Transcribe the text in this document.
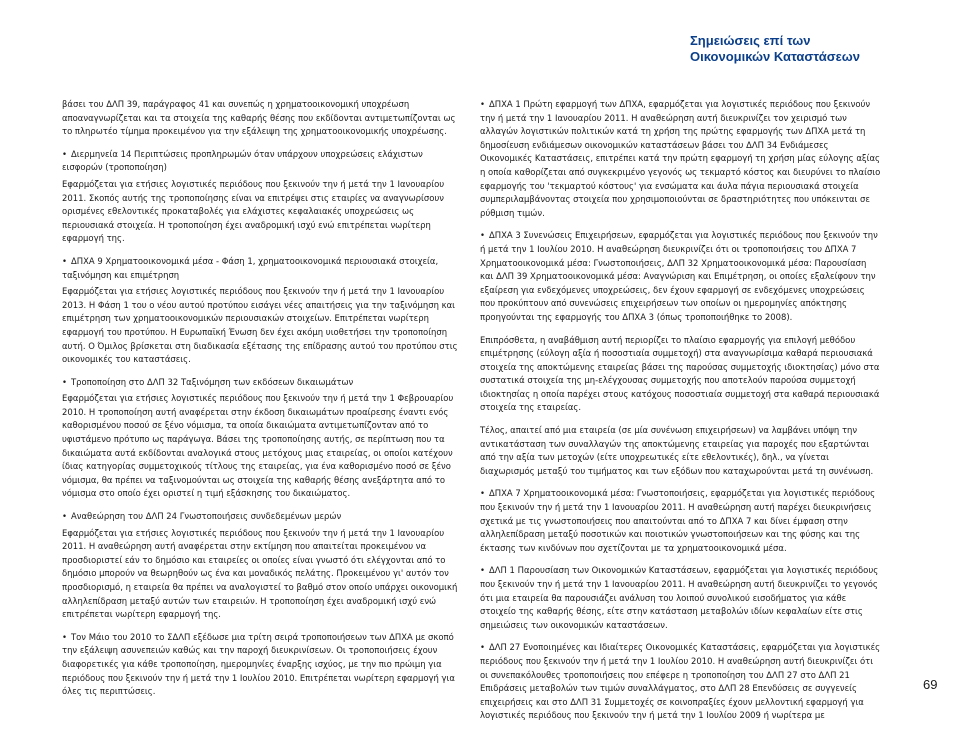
Σημειώσεις επί των
Οικονομικών Καταστάσεων

βάσει του ΔΛΠ 39, παράγραφος 41 και συνεπώς η χρηματοοικονομική υποχρέωση αποαναγνωρίζεται και τα στοιχεία της καθαρής θέσης που εκδίδονται αντιμετωπίζονται ως το πληρωτέο τίμημα προκειμένου για την εξάλειψη της χρηματοοικονομικής υποχρέωσης.

• Διερμηνεία 14 Περιπτώσεις προπληρωμών όταν υπάρχουν υποχρεώσεις ελάχιστων εισφορών (τροποποίηση)

Εφαρμόζεται για ετήσιες λογιστικές περιόδους που ξεκινούν την ή μετά την 1 Ιανουαρίου 2011. Σκοπός αυτής της τροποποίησης είναι να επιτρέψει στις εταιρίες να αναγνωρίσουν ορισμένες εθελοντικές προκαταβολές για ελάχιστες κεφαλαιακές υποχρεώσεις ως περιουσιακά στοιχεία. Η τροποποίηση έχει αναδρομική ισχύ ενώ επιτρέπεται νωρίτερη εφαρμογή της.

• ΔΠΧΑ 9 Χρηματοοικονομικά μέσα - Φάση 1, χρηματοοικονομικά περιουσιακά στοιχεία, ταξινόμηση και επιμέτρηση

Εφαρμόζεται για ετήσιες λογιστικές περιόδους που ξεκινούν την ή μετά την 1 Ιανουαρίου 2013. Η Φάση 1 του ο νέου αυτού προτύπου εισάγει νέες απαιτήσεις για την ταξινόμηση και επιμέτρηση των χρηματοοικονομικών περιουσιακών στοιχείων. Επιτρέπεται νωρίτερη εφαρμογή του προτύπου. Η Ευρωπαϊκή Ένωση δεν έχει ακόμη υιοθετήσει την τροποποίηση αυτή. Ο Όμιλος βρίσκεται στη διαδικασία εξέτασης της επίδρασης αυτού του προτύπου στις οικονομικές του καταστάσεις.

• Τροποποίηση στο ΔΛΠ 32 Ταξινόμηση των εκδόσεων δικαιωμάτων

Εφαρμόζεται για ετήσιες λογιστικές περιόδους που ξεκινούν την ή μετά την 1 Φεβρουαρίου 2010. Η τροποποίηση αυτή αναφέρεται στην έκδοση δικαιωμάτων προαίρεσης έναντι ενός καθορισμένου ποσού σε ξένο νόμισμα, τα οποία δικαιώματα αντιμετωπίζονταν από το υφιστάμενο πρότυπο ως παράγωγα. Βάσει της τροποποίησης αυτής, σε περίπτωση που τα δικαιώματα αυτά εκδίδονται αναλογικά στους μετόχους μιας εταιρείας, οι οποίοι κατέχουν ίδιας κατηγορίας συμμετοχικούς τίτλους της εταιρείας, για ένα καθορισμένο ποσό σε ξένο νόμισμα, θα πρέπει να ταξινομούνται ως στοιχεία της καθαρής θέσης ανεξάρτητα από το νόμισμα στο οποίο έχει οριστεί η τιμή εξάσκησης του δικαιώματος.

• Αναθεώρηση του ΔΛΠ 24 Γνωστοποιήσεις συνδεδεμένων μερών

Εφαρμόζεται για ετήσιες λογιστικές περιόδους που ξεκινούν την ή μετά την 1 Ιανουαρίου 2011. Η αναθεώρηση αυτή αναφέρεται στην εκτίμηση που απαιτείται προκειμένου να προσδιοριστεί εάν το δημόσιο και εταιρείες οι οποίες είναι γνωστό ότι ελέγχονται από το δημόσιο μπορούν να θεωρηθούν ως ένα και μοναδικός πελάτης. Προκειμένου γι' αυτόν τον προσδιορισμό, η εταιρεία θα πρέπει να αναλογιστεί το βαθμό στον οποίο υπάρχει οικονομική αλληλεπίδραση μεταξύ αυτών των εταιρειών. Η τροποποίηση έχει αναδρομική ισχύ ενώ επιτρέπεται νωρίτερη εφαρμογή της.

• Τον Μάιο του 2010 το ΣΔΛΠ εξέδωσε μια τρίτη σειρά τροποποιήσεων των ΔΠΧΑ με σκοπό την εξάλειψη ασυνεπειών καθώς και την παροχή διευκρινίσεων. Οι τροποποιήσεις έχουν διαφορετικές για κάθε τροποποίηση, ημερομηνίες έναρξης ισχύος, με την πιο πρώιμη για περιόδους που ξεκινούν την ή μετά την 1 Ιουλίου 2010. Επιτρέπεται νωρίτερη εφαρμογή για όλες τις περιπτώσεις.

• ΔΠΧΑ 1 Πρώτη εφαρμογή των ΔΠΧΑ, εφαρμόζεται για λογιστικές περιόδους που ξεκινούν την ή μετά την 1 Ιανουαρίου 2011. Η αναθεώρηση αυτή διευκρινίζει τον χειρισμό των αλλαγών λογιστικών πολιτικών κατά τη χρήση της πρώτης εφαρμογής των ΔΠΧΑ μετά τη δημοσίευση ενδιάμεσων οικονομικών καταστάσεων βάσει του ΔΛΠ 34 Ενδιάμεσες Οικονομικές Καταστάσεις, επιτρέπει κατά την πρώτη εφαρμογή τη χρήση μίας εύλογης αξίας η οποία καθορίζεται από συγκεκριμένο γεγονός ως τεκμαρτό κόστος και διευρύνει το πλαίσιο εφαρμογής του 'τεκμαρτού κόστους' για ενσώματα και άυλα πάγια περιουσιακά στοιχεία συμπεριλαμβάνοντας στοιχεία που χρησιμοποιούνται σε δραστηριότητες που υπόκεινται σε ρύθμιση τιμών.

• ΔΠΧΑ 3 Συνενώσεις Επιχειρήσεων, εφαρμόζεται για λογιστικές περιόδους που ξεκινούν την ή μετά την 1 Ιουλίου 2010. Η αναθεώρηση διευκρινίζει ότι οι τροποποιήσεις του ΔΠΧΑ 7 Χρηματοοικονομικά μέσα: Γνωστοποιήσεις, ΔΛΠ 32 Χρηματοοικονομικά μέσα: Παρουσίαση και ΔΛΠ 39 Χρηματοοικονομικά μέσα: Αναγνώριση και Επιμέτρηση, οι οποίες εξαλείφουν την εξαίρεση για ενδεχόμενες υποχρεώσεις, δεν έχουν εφαρμογή σε ενδεχόμενες υποχρεώσεις που προκύπτουν από συνενώσεις επιχειρήσεων των οποίων οι ημερομηνίες απόκτησης προηγούνται της εφαρμογής του ΔΠΧΑ 3 (όπως τροποποιήθηκε το 2008).

Επιπρόσθετα, η αναβάθμιση αυτή περιορίζει το πλαίσιο εφαρμογής για επιλογή μεθόδου επιμέτρησης (εύλογη αξία ή ποσοστιαία συμμετοχή) στα αναγνωρίσιμα καθαρά περιουσιακά στοιχεία της αποκτώμενης εταιρείας βάσει της παρούσας συμμετοχής ιδιοκτησίας) μόνο στα συστατικά στοιχεία της μη-ελέγχουσας συμμετοχής που αποτελούν παρούσα συμμετοχή ιδιοκτησίας η οποία παρέχει στους κατόχους ποσοστιαία συμμετοχή στα καθαρά περιουσιακά στοιχεία της εταιρείας.

Τέλος, απαιτεί από μια εταιρεία (σε μία συνένωση επιχειρήσεων) να λαμβάνει υπόψη την αντικατάσταση των συναλλαγών της αποκτώμενης εταιρείας για παροχές που εξαρτώνται από την αξία των μετοχών (είτε υποχρεωτικές είτε εθελοντικές), δηλ., να γίνεται διαχωρισμός μεταξύ του τιμήματος και των εξόδων που καταχωρούνται μετά τη συνένωση.

• ΔΠΧΑ 7 Χρηματοοικονομικά μέσα: Γνωστοποιήσεις, εφαρμόζεται για λογιστικές περιόδους που ξεκινούν την ή μετά την 1 Ιανουαρίου 2011. Η αναθεώρηση αυτή παρέχει διευκρινήσεις σχετικά με τις γνωστοποιήσεις που απαιτούνται από το ΔΠΧΑ 7 και δίνει έμφαση στην αλληλεπίδραση μεταξύ ποσοτικών και ποιοτικών γνωστοποιήσεων και της φύσης και της έκτασης των κινδύνων που σχετίζονται με τα χρηματοοικονομικά μέσα.

• ΔΛΠ 1 Παρουσίαση των Οικονομικών Καταστάσεων, εφαρμόζεται για λογιστικές περιόδους που ξεκινούν την ή μετά την 1 Ιανουαρίου 2011. Η αναθεώρηση αυτή διευκρινίζει το γεγονός ότι μια εταιρεία θα παρουσιάζει ανάλυση του λοιπού συνολικού εισοδήματος για κάθε στοιχείο της καθαρής θέσης, είτε στην κατάσταση μεταβολών ιδίων κεφαλαίων είτε στις σημειώσεις των οικονομικών καταστάσεων.

• ΔΛΠ 27 Ενοποιημένες και Ιδιαίτερες Οικονομικές Καταστάσεις, εφαρμόζεται για λογιστικές περιόδους που ξεκινούν την ή μετά την 1 Ιουλίου 2010. Η αναθεώρηση αυτή διευκρινίζει ότι οι συνεπακόλουθες τροποποιήσεις που επέφερε η τροποποίηση του ΔΛΠ 27 στο ΔΛΠ 21 Επιδράσεις μεταβολών των τιμών συναλλάγματος, στο ΔΛΠ 28 Επενδύσεις σε συγγενείς επιχειρήσεις και στο ΔΛΠ 31 Συμμετοχές σε κοινοπραξίες έχουν μελλοντική εφαρμογή για λογιστικές περιόδους που ξεκινούν την ή μετά την 1 Ιουλίου 2009 ή νωρίτερα με

69
